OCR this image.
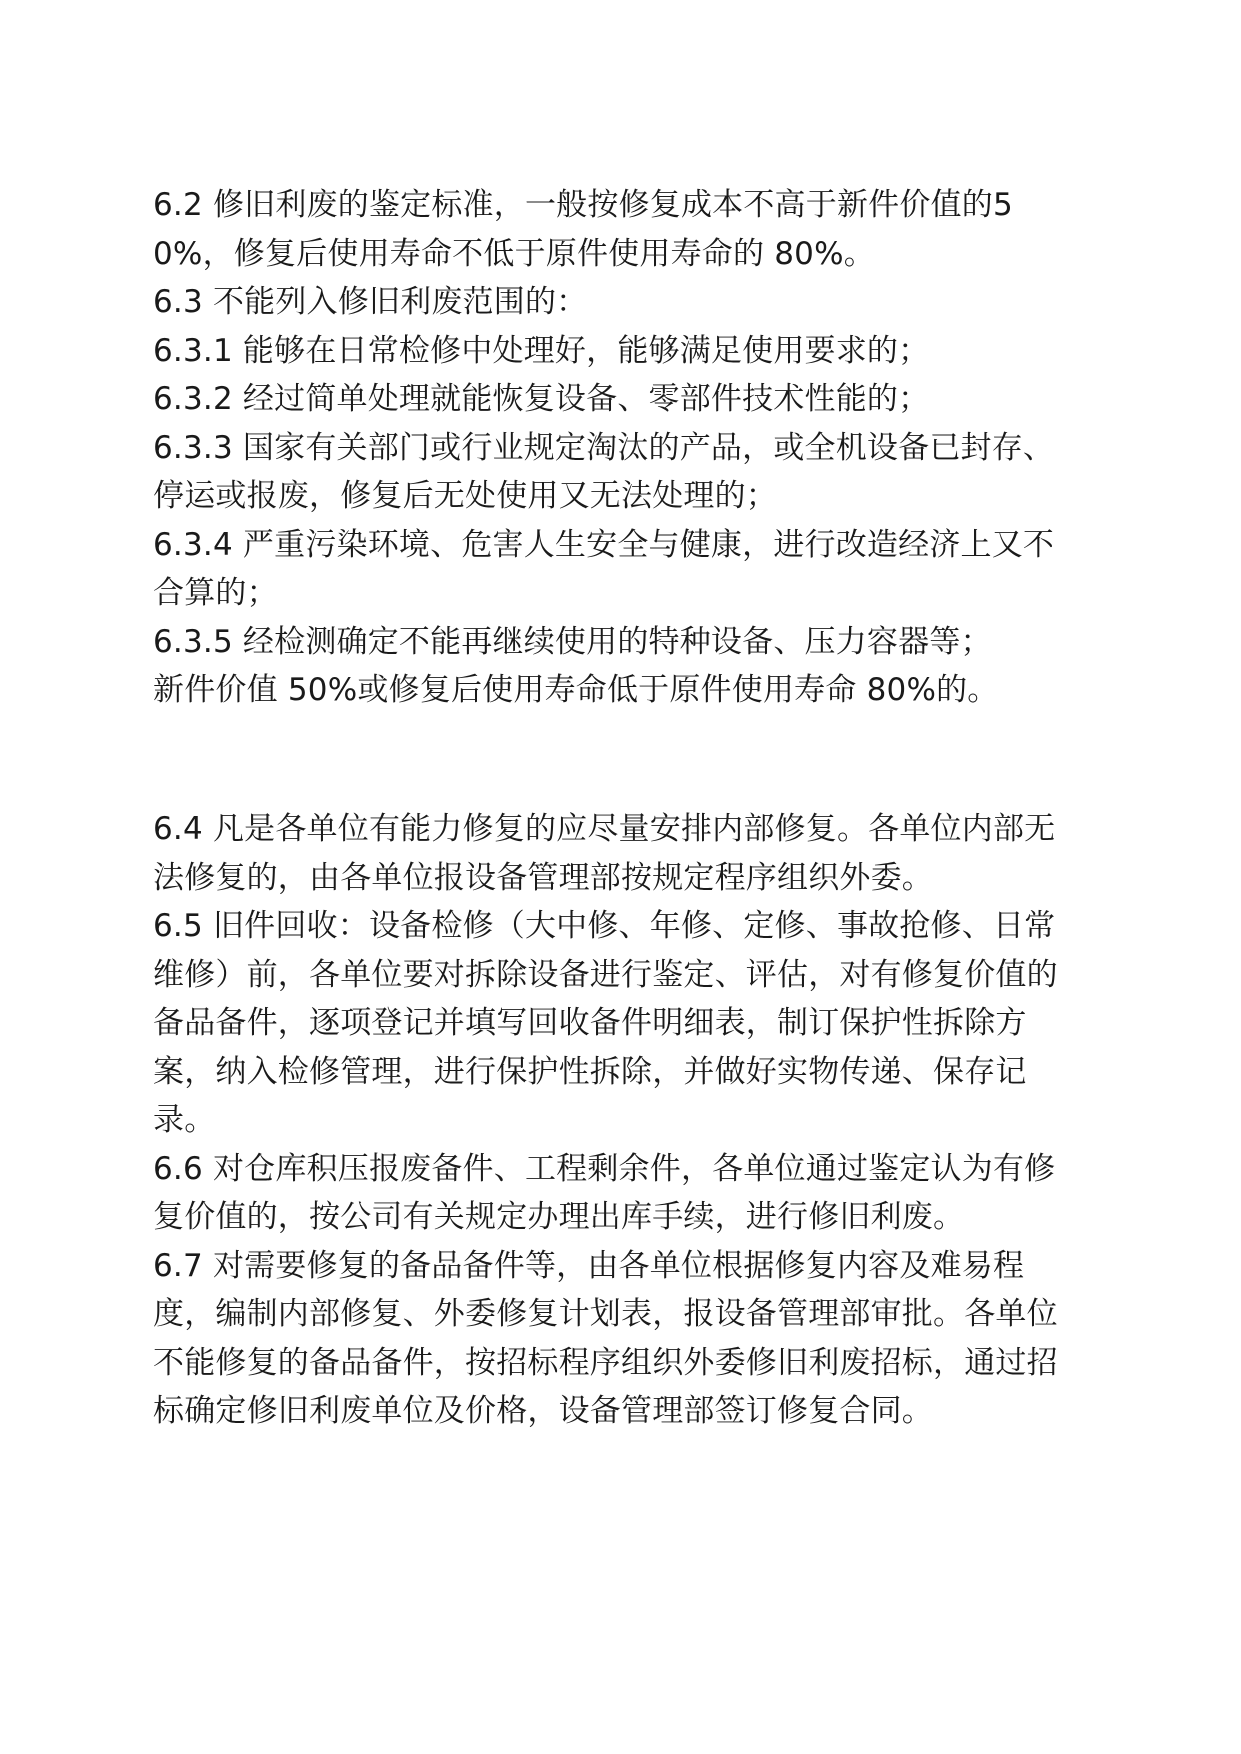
6.2 修旧利废的鉴定标准，一般按修复成本不高于新件价值的50%，修复后使用寿命不低于原件使用寿命的 80%。

6.3 不能列入修旧利废范围的：

6.3.1 能够在日常检修中处理好，能够满足使用要求的；

6.3.2 经过简单处理就能恢复设备、零部件技术性能的；

6.3.3 国家有关部门或行业规定淘汰的产品，或全机设备已封存、停运或报废，修复后无处使用又无法处理的；

6.3.4 严重污染环境、危害人生安全与健康，进行改造经济上又不合算的；

6.3.5 经检测确定不能再继续使用的特种设备、压力容器等；

新件价值 50%或修复后使用寿命低于原件使用寿命 80%的。

6.4 凡是各单位有能力修复的应尽量安排内部修复。各单位内部无法修复的，由各单位报设备管理部按规定程序组织外委。

6.5 旧件回收：设备检修（大中修、年修、定修、事故抢修、日常维修）前，各单位要对拆除设备进行鉴定、评估，对有修复价值的备品备件，逐项登记并填写回收备件明细表，制订保护性拆除方案，纳入检修管理，进行保护性拆除，并做好实物传递、保存记录。

6.6 对仓库积压报废备件、工程剩余件，各单位通过鉴定认为有修复价值的，按公司有关规定办理出库手续，进行修旧利废。

6.7 对需要修复的备品备件等，由各单位根据修复内容及难易程度，编制内部修复、外委修复计划表，报设备管理部审批。各单位不能修复的备品备件，按招标程序组织外委修旧利废招标，通过招标确定修旧利废单位及价格，设备管理部签订修复合同。
